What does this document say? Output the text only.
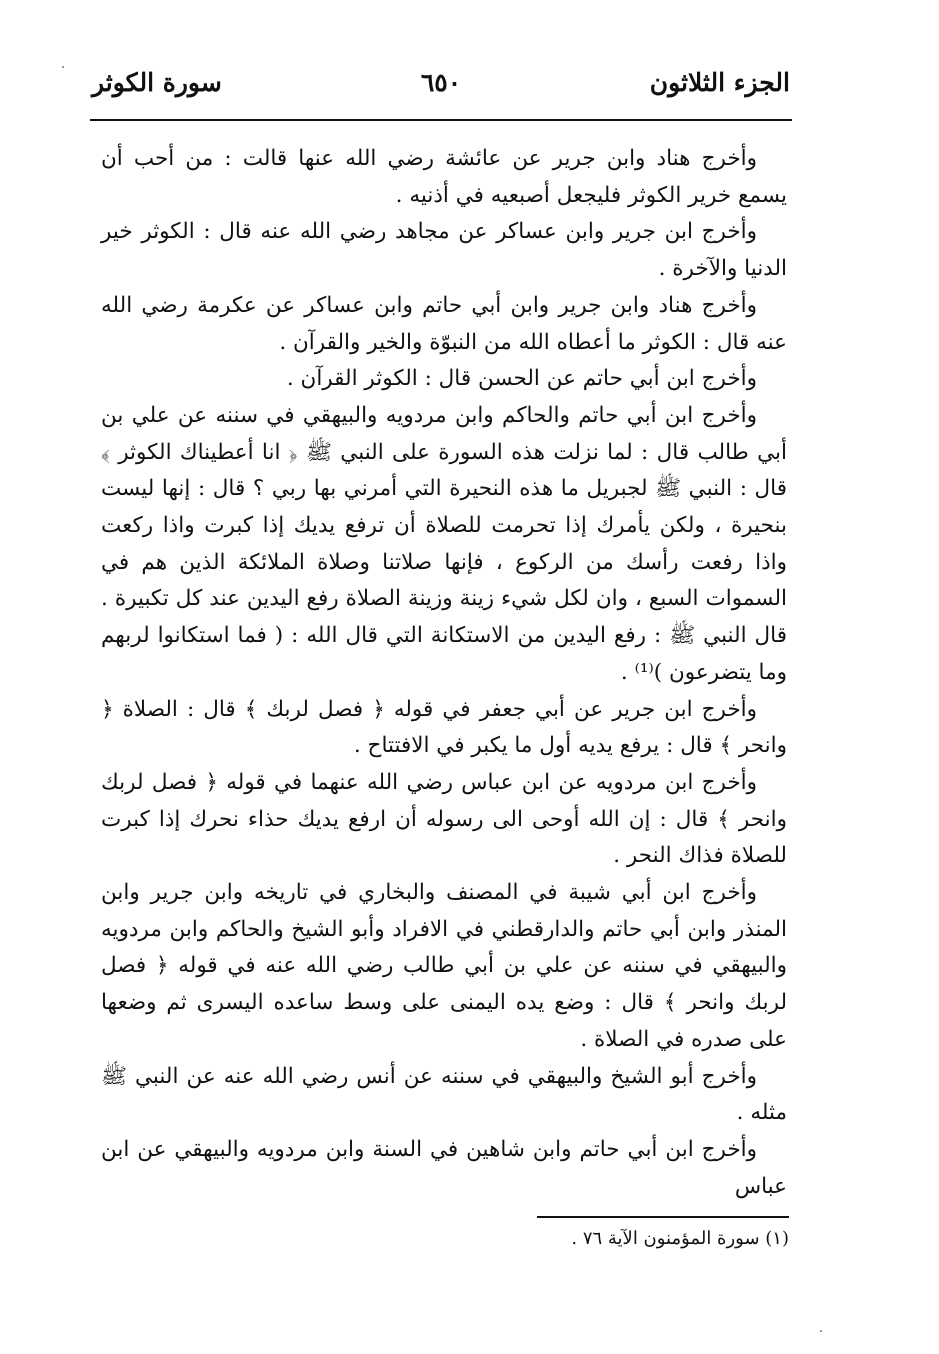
الجزء الثلاثون
٦٥٠
سورة الكوثر

وأخرج هناد وابن جرير عن عائشة رضي الله عنها قالت : من أحب أن يسمع خرير الكوثر فليجعل أصبعيه في أذنيه .

وأخرج ابن جرير وابن عساكر عن مجاهد رضي الله عنه قال : الكوثر خير الدنيا والآخرة .

وأخرج هناد وابن جرير وابن أبي حاتم وابن عساكر عن عكرمة رضي الله عنه قال : الكوثر ما أعطاه الله من النبوّة والخير والقرآن .

وأخرج ابن أبي حاتم عن الحسن قال : الكوثر القرآن .

وأخرج ابن أبي حاتم والحاكم وابن مردويه والبيهقي في سننه عن علي بن أبي طالب قال : لما نزلت هذه السورة على النبي ﷺ ﴿ انا أعطيناك الكوثر ﴾ قال : النبي ﷺ لجبريل ما هذه النحيرة التي أمرني بها ربي ؟ قال : إنها ليست بنحيرة ، ولكن يأمرك إذا تحرمت للصلاة أن ترفع يديك إذا كبرت واذا ركعت واذا رفعت رأسك من الركوع ، فإنها صلاتنا وصلاة الملائكة الذين هم في السموات السبع ، وان لكل شيء زينة وزينة الصلاة رفع اليدين عند كل تكبيرة . قال النبي ﷺ : رفع اليدين من الاستكانة التي قال الله : ( فما استكانوا لربهم وما يتضرعون )⁽¹⁾ .

وأخرج ابن جرير عن أبي جعفر في قوله ﴿ فصل لربك ﴾ قال : الصلاة ﴿ وانحر ﴾ قال : يرفع يديه أول ما يكبر في الافتتاح .

وأخرج ابن مردويه عن ابن عباس رضي الله عنهما في قوله ﴿ فصل لربك وانحر ﴾ قال : إن الله أوحى الى رسوله أن ارفع يديك حذاء نحرك إذا كبرت للصلاة فذاك النحر .

وأخرج ابن أبي شيبة في المصنف والبخاري في تاريخه وابن جرير وابن المنذر وابن أبي حاتم والدارقطني في الافراد وأبو الشيخ والحاكم وابن مردويه والبيهقي في سننه عن علي بن أبي طالب رضي الله عنه في قوله ﴿ فصل لربك وانحر ﴾ قال : وضع يده اليمنى على وسط ساعده اليسرى ثم وضعها على صدره في الصلاة .

وأخرج أبو الشيخ والبيهقي في سننه عن أنس رضي الله عنه عن النبي ﷺ مثله .

وأخرج ابن أبي حاتم وابن شاهين في السنة وابن مردويه والبيهقي عن ابن عباس

(١) سورة المؤمنون الآية ٧٦ .
